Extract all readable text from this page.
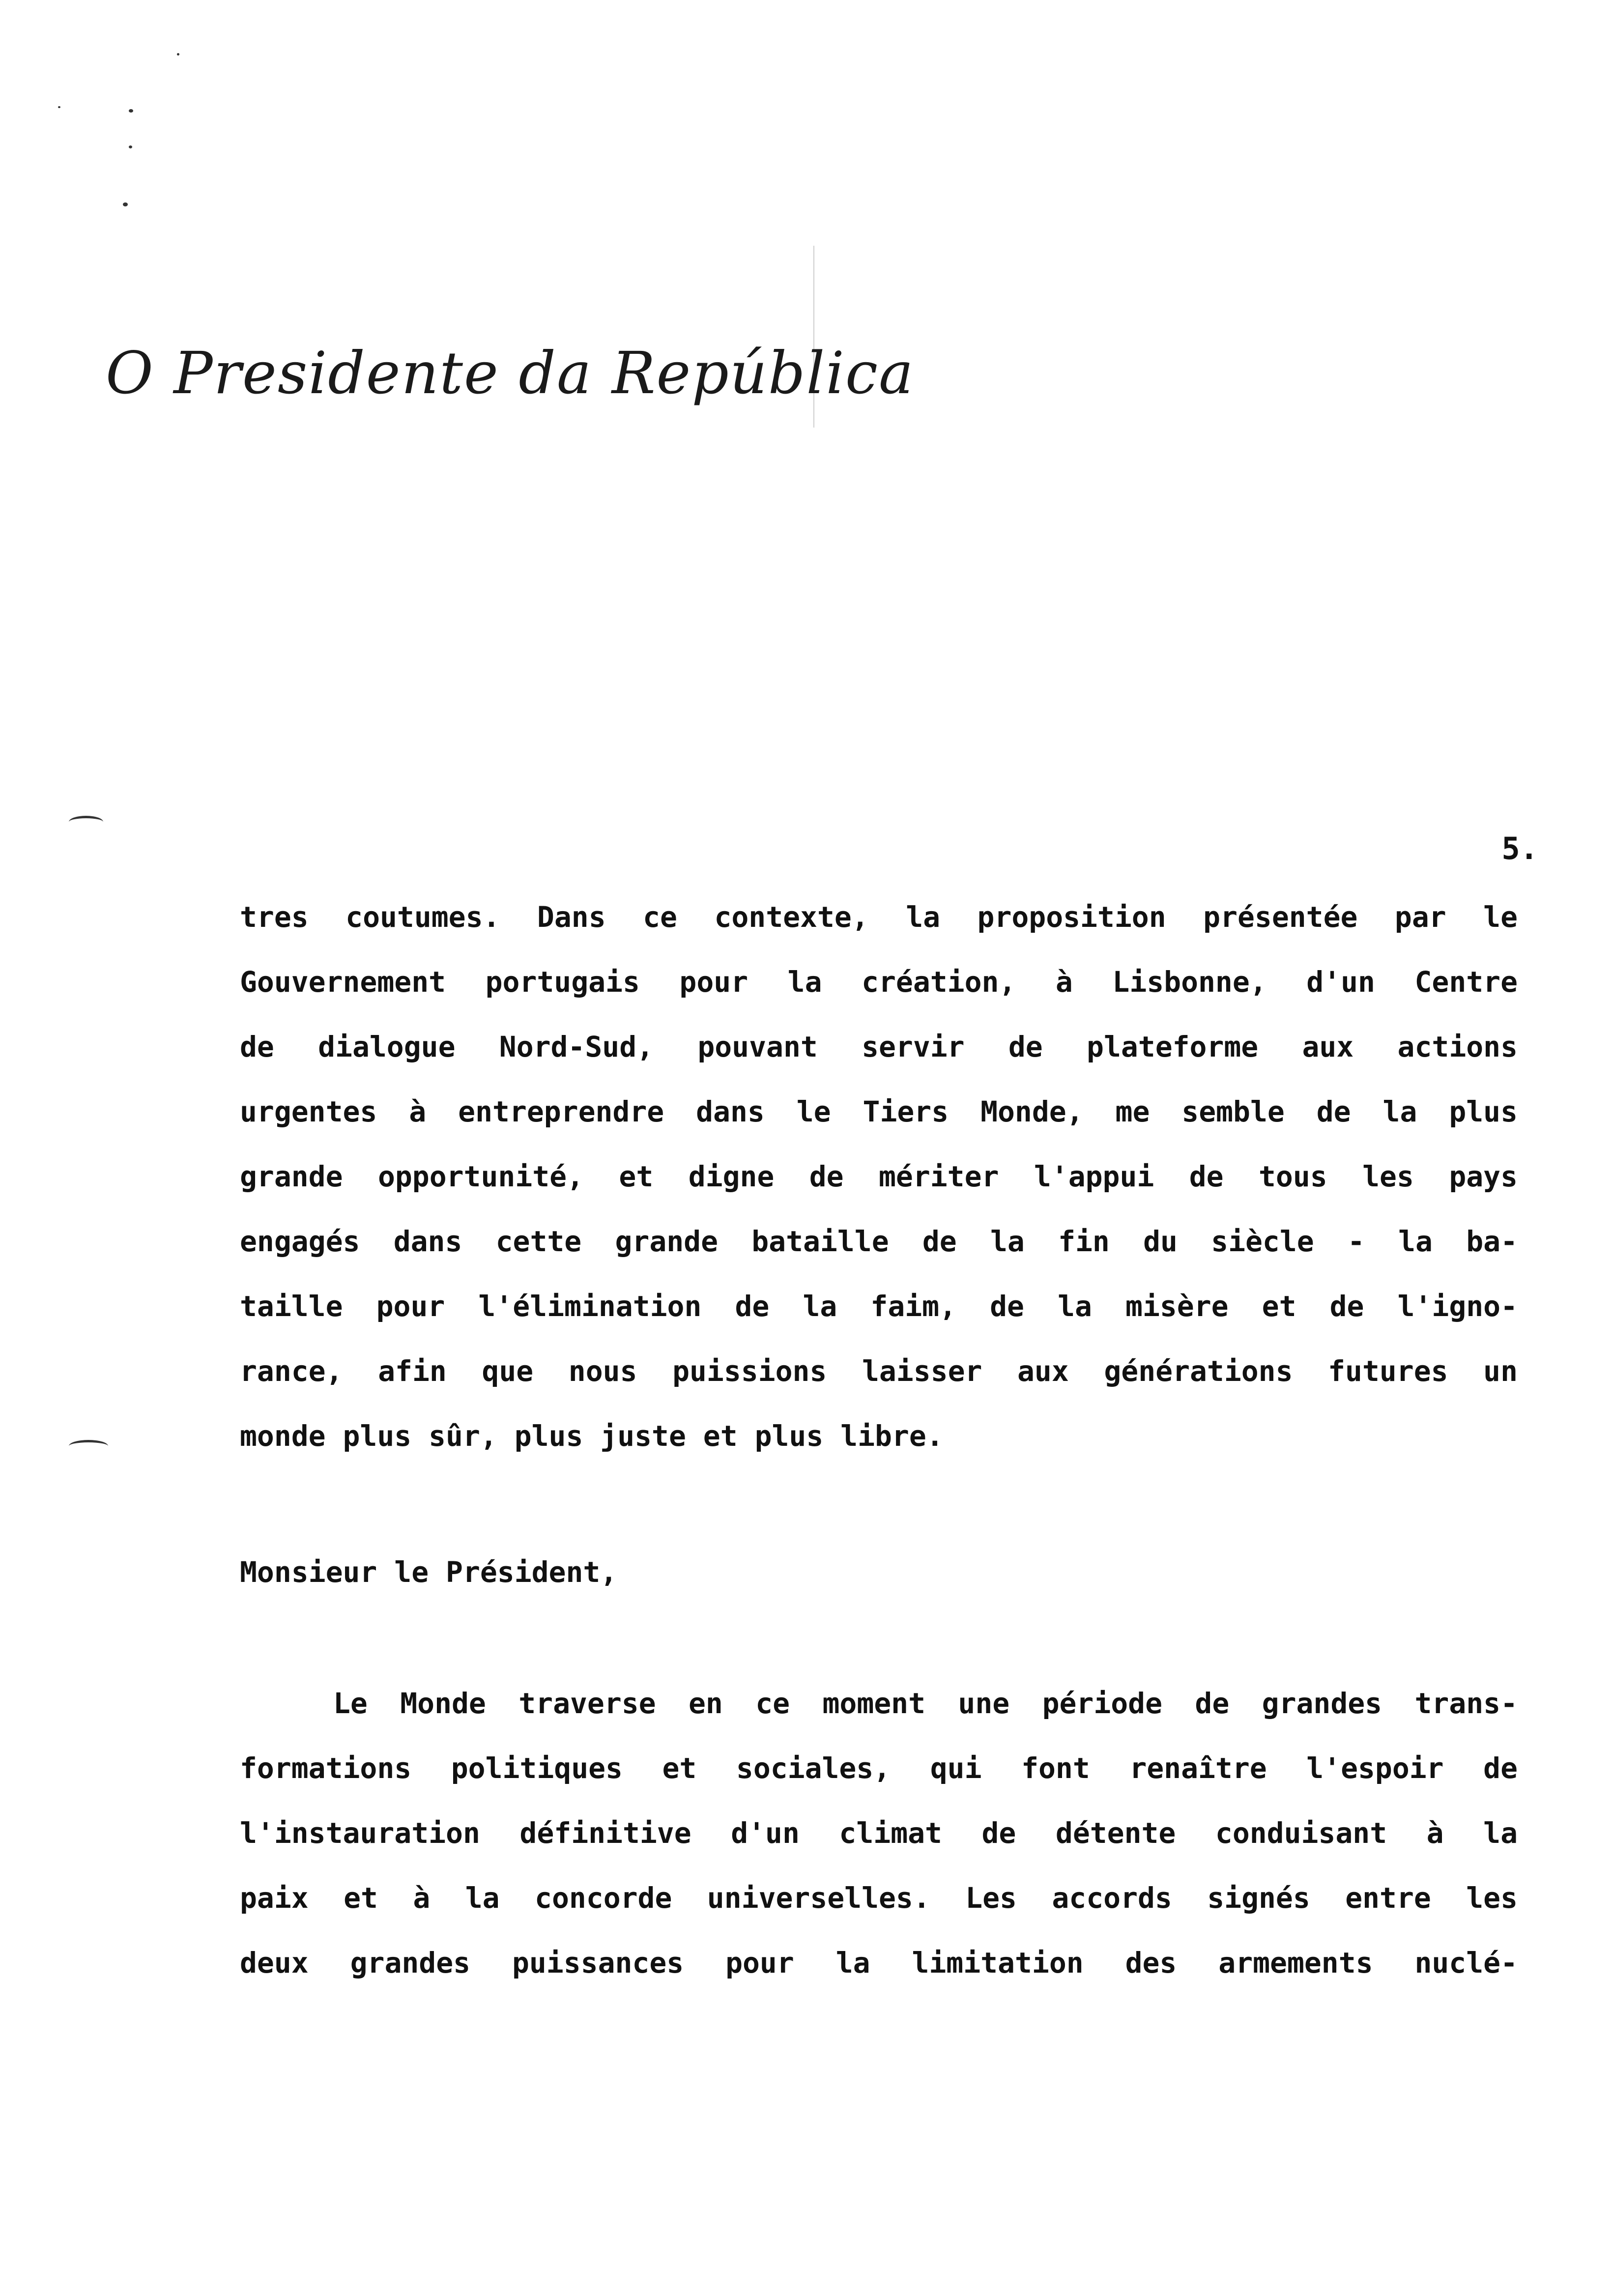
O Presidente da República
5.
tres coutumes. Dans ce contexte, la proposition présentée par le
Gouvernement portugais pour la création, à Lisbonne, d'un Centre
de dialogue Nord-Sud, pouvant servir de plateforme aux actions
urgentes à entreprendre dans le Tiers Monde, me semble de la plus
grande opportunité, et digne de mériter l'appui de tous les pays
engagés dans cette grande bataille de la fin du siècle - la ba-
taille pour l'élimination de la faim, de la misère et de l'igno-
rance, afin que nous puissions laisser aux générations futures un
monde plus sûr, plus juste et plus libre.
Monsieur le Président,
Le Monde traverse en ce moment une période de grandes trans-
formations politiques et sociales, qui font renaître l'espoir de
l'instauration définitive d'un climat de détente conduisant à la
paix et à la concorde universelles. Les accords signés entre les
deux grandes puissances pour la limitation des armements nuclé-
